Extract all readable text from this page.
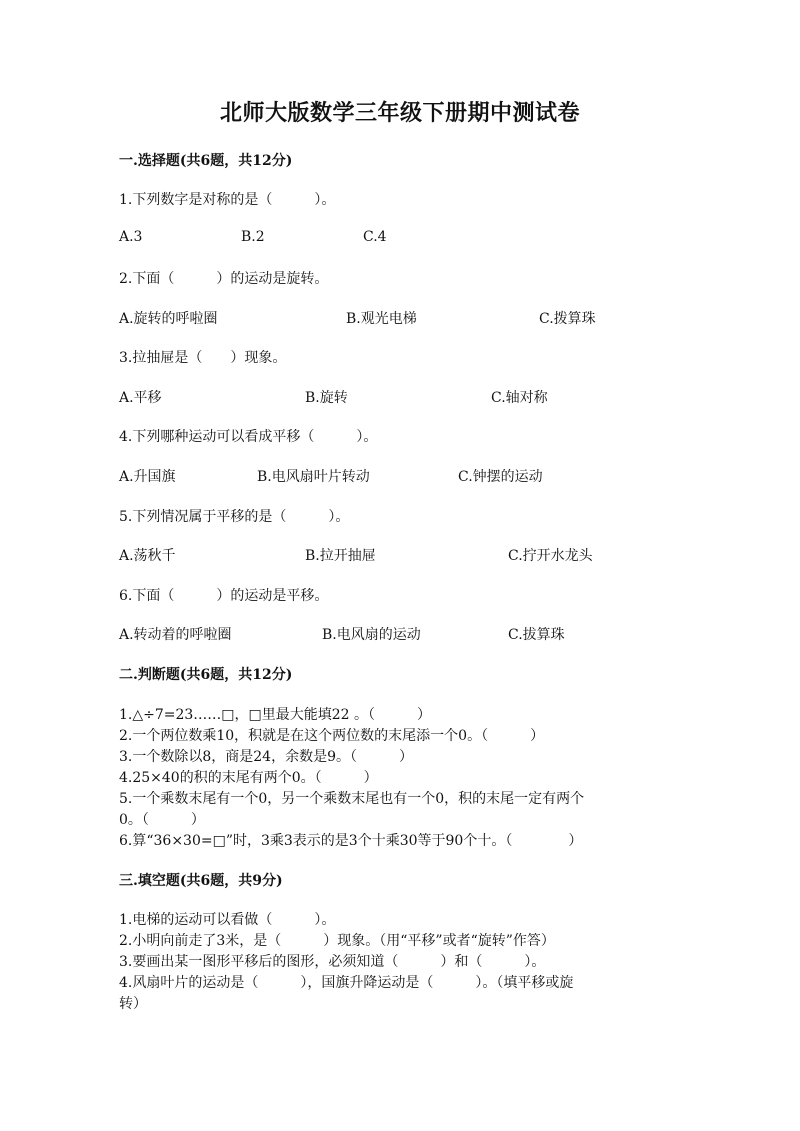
北师大版数学三年级下册期中测试卷
一.选择题(共6题，共12分)
1.下列数字是对称的是（　　　）。
A.3	B.2	C.4
2.下面（　　　）的运动是旋转。
A.旋转的呼啦圈	B.观光电梯	C.拨算珠
3.拉抽屉是（　　）现象。
A.平移	B.旋转	C.轴对称
4.下列哪种运动可以看成平移（　　　）。
A.升国旗	B.电风扇叶片转动	C.钟摆的运动
5.下列情况属于平移的是（　　　）。
A.荡秋千	B.拉开抽屉	C.拧开水龙头
6.下面（　　　）的运动是平移。
A.转动着的呼啦圈	B.电风扇的运动	C.拔算珠
二.判断题(共6题，共12分)
1.△÷7=23……□，□里最大能填22 。（　　　）
2.一个两位数乘10，积就是在这个两位数的末尾添一个0。（　　　）
3.一个数除以8，商是24，余数是9。（　　　）
4.25×40的积的末尾有两个0。（　　　）
5.一个乘数末尾有一个0，另一个乘数末尾也有一个0，积的末尾一定有两个
0。（　　　）
6.算“36×30=□”时，3乘3表示的是3个十乘30等于90个十。（　　　　）
三.填空题(共6题，共9分)
1.电梯的运动可以看做（　　　）。
2.小明向前走了3米，是（　　　）现象。（用“平移”或者“旋转”作答）
3.要画出某一图形平移后的图形，必须知道（　　　）和（　　　）。
4.风扇叶片的运动是（　　　），国旗升降运动是（　　　）。（填平移或旋
转）
